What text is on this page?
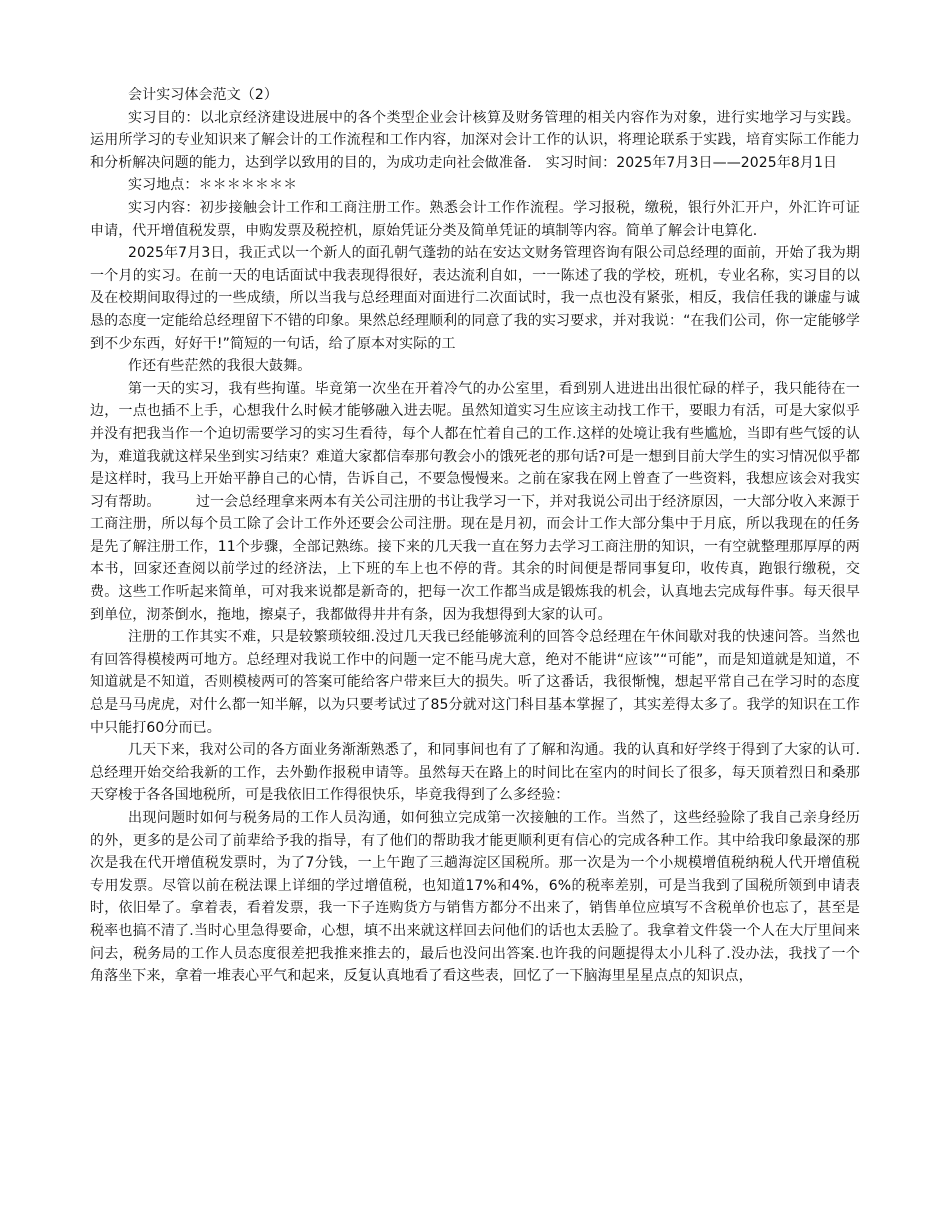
会计实习体会范文（2）

实习目的：以北京经济建设进展中的各个类型企业会计核算及财务管理的相关内容作为对象，进行实地学习与实践。运用所学习的专业知识来了解会计的工作流程和工作内容，加深对会计工作的认识，将理论联系于实践，培育实际工作能力和分析解决问题的能力，达到学以致用的目的，为成功走向社会做准备.　实习时间：2025年7月3日——2025年8月1日

实习地点：＊＊＊＊＊＊＊

实习内容：初步接触会计工作和工商注册工作。熟悉会计工作作流程。学习报税，缴税，银行外汇开户，外汇许可证申请，代开增值税发票，申购发票及税控机，原始凭证分类及简单凭证的填制等内容。简单了解会计电算化.

2025年7月3日，我正式以一个新人的面孔朝气蓬勃的站在安达文财务管理咨询有限公司总经理的面前，开始了我为期一个月的实习。在前一天的电话面试中我表现得很好，表达流利自如，一一陈述了我的学校，班机，专业名称，实习目的以及在校期间取得过的一些成绩，所以当我与总经理面对面进行二次面试时，我一点也没有紧张，相反，我信任我的谦虚与诚恳的态度一定能给总经理留下不错的印象。果然总经理顺利的同意了我的实习要求，并对我说：“在我们公司，你一定能够学到不少东西，好好干!”简短的一句话，给了原本对实际的工

作还有些茫然的我很大鼓舞。

第一天的实习，我有些拘谨。毕竟第一次坐在开着冷气的办公室里，看到别人进进出出很忙碌的样子，我只能待在一边，一点也插不上手，心想我什么时候才能够融入进去呢。虽然知道实习生应该主动找工作干，要眼力有活，可是大家似乎并没有把我当作一个迫切需要学习的实习生看待，每个人都在忙着自己的工作.这样的处境让我有些尴尬，当即有些气馁的认为，难道我就这样呆坐到实习结束？难道大家都信奉那句教会小的饿死老的那句话?可是一想到目前大学生的实习情况似乎都是这样时，我马上开始平静自己的心情，告诉自己，不要急慢慢来。之前在家我在网上曾查了一些资料，我想应该会对我实习有帮助。　　　过一会总经理拿来两本有关公司注册的书让我学习一下，并对我说公司出于经济原因，一大部分收入来源于工商注册，所以每个员工除了会计工作外还要会公司注册。现在是月初，而会计工作大部分集中于月底，所以我现在的任务是先了解注册工作，11个步骤，全部记熟练。接下来的几天我一直在努力去学习工商注册的知识，一有空就整理那厚厚的两本书，回家还查阅以前学过的经济法，上下班的车上也不停的背。其余的时间便是帮同事复印，收传真，跑银行缴税，交费。这些工作听起来简单，可对我来说都是新奇的，把每一次工作都当成是锻炼我的机会，认真地去完成每件事。每天很早到单位，沏茶倒水，拖地，擦桌子，我都做得井井有条，因为我想得到大家的认可。

注册的工作其实不难，只是较繁琐较细.没过几天我已经能够流利的回答令总经理在午休间歇对我的快速问答。当然也有回答得模棱两可地方。总经理对我说工作中的问题一定不能马虎大意，绝对不能讲“应该”“可能”，而是知道就是知道，不知道就是不知道，否则模棱两可的答案可能给客户带来巨大的损失。听了这番话，我很惭愧，想起平常自己在学习时的态度总是马马虎虎，对什么都一知半解，以为只要考试过了85分就对这门科目基本掌握了，其实差得太多了。我学的知识在工作中只能打60分而已。

几天下来，我对公司的各方面业务渐渐熟悉了，和同事间也有了了解和沟通。我的认真和好学终于得到了大家的认可.总经理开始交给我新的工作，去外勤作报税申请等。虽然每天在路上的时间比在室内的时间长了很多，每天顶着烈日和桑那天穿梭于各各国地税所，可是我依旧工作得很快乐，毕竟我得到了么多经验：

出现问题时如何与税务局的工作人员沟通，如何独立完成第一次接触的工作。当然了，这些经验除了我自己亲身经历的外，更多的是公司了前辈给予我的指导，有了他们的帮助我才能更顺利更有信心的完成各种工作。其中给我印象最深的那次是我在代开增值税发票时，为了7分钱，一上午跑了三趟海淀区国税所。那一次是为一个小规模增值税纳税人代开增值税专用发票。尽管以前在税法课上详细的学过增值税，也知道17%和4%，6%的税率差别，可是当我到了国税所领到申请表时，依旧晕了。拿着表，看着发票，我一下子连购货方与销售方都分不出来了，销售单位应填写不含税单价也忘了，甚至是税率也搞不清了.当时心里急得要命，心想，填不出来就这样回去问他们的话也太丢脸了。我拿着文件袋一个人在大厅里间来问去，税务局的工作人员态度很差把我推来推去的，最后也没问出答案.也许我的问题提得太小儿科了.没办法，我找了一个角落坐下来，拿着一堆表心平气和起来，反复认真地看了看这些表，回忆了一下脑海里星星点点的知识点，
